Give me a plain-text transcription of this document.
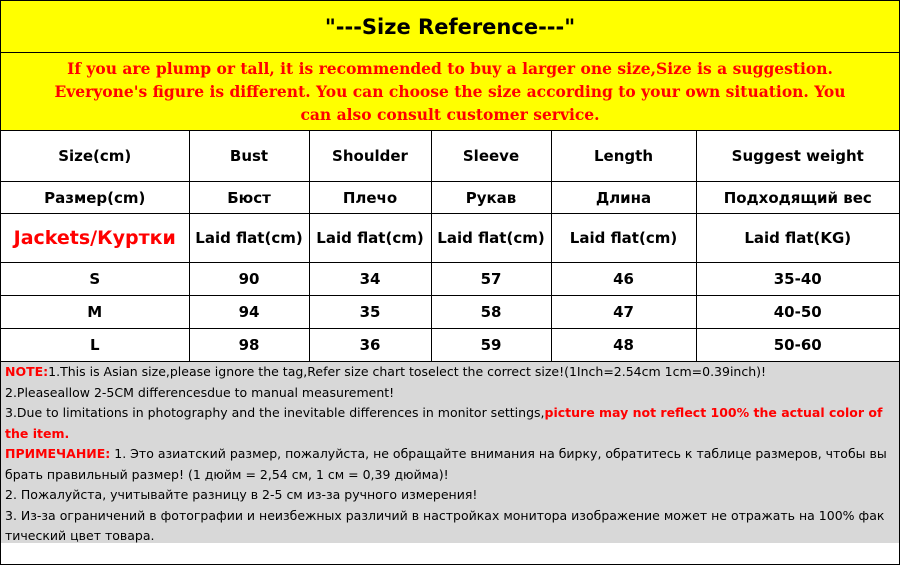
"---Size Reference---"
If you are plump or tall, it is recommended to buy a larger one size,Size is a suggestion.
Everyone's figure is different. You can choose the size according to your own situation. You
can also consult customer service.
Size(cm)	Bust	Shoulder	Sleeve	Length	Suggest weight
Размер(cm)	Бюст	Плечо	Рукав	Длина	Подходящий вес
Jackets/Куртки	Laid flat(cm)	Laid flat(cm)	Laid flat(cm)	Laid flat(cm)	Laid flat(KG)
S	90	34	57	46	35-40
M	94	35	58	47	40-50
L	98	36	59	48	50-60

NOTE:1.This is Asian size,please ignore the tag,Refer size chart toselect the correct size!(1Inch=2.54cm 1cm=0.39inch)!

2.Pleaseallow 2-5CM differencesdue to manual measurement!

3.Due to limitations in photography and the inevitable differences in monitor settings,picture may not reflect 100% the actual color of the item.

ПРИМЕЧАНИЕ: 1. Это азиатский размер, пожалуйста, не обращайте внимания на бирку, обратитесь к таблице размеров, чтобы вы брать правильный размер! (1 дюйм = 2,54 см, 1 см = 0,39 дюйма)!

2. Пожалуйста, учитывайте разницу в 2-5 см из-за ручного измерения!

3. Из-за ограничений в фотографии и неизбежных различий в настройках монитора изображение может не отражать на 100% фак тический цвет товара.
